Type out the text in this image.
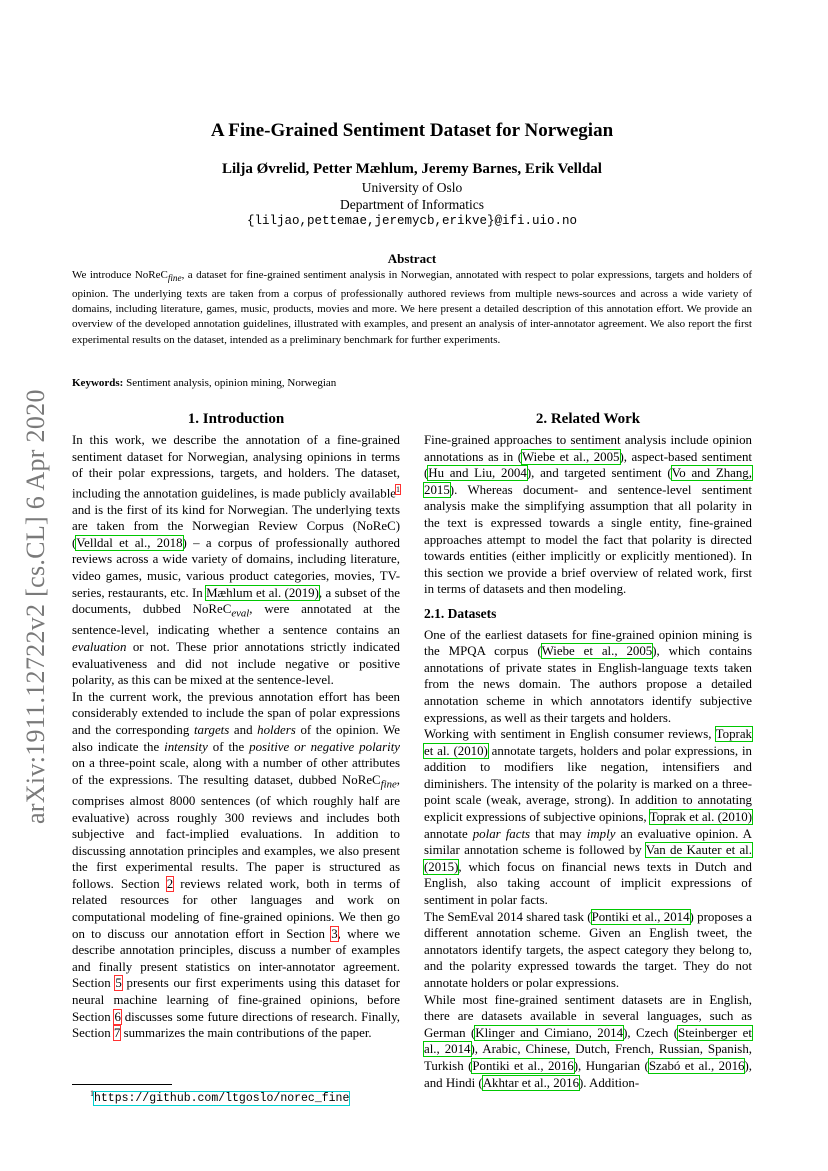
arXiv:1911.12722v2 [cs.CL] 6 Apr 2020
A Fine-Grained Sentiment Dataset for Norwegian
Lilja Øvrelid, Petter Mæhlum, Jeremy Barnes, Erik Velldal
University of Oslo
Department of Informatics
{liljao,pettemae,jeremycb,erikve}@ifi.uio.no
Abstract
We introduce NoReC$_{fine}$, a dataset for fine-grained sentiment analysis in Norwegian, annotated with respect to polar expressions, targets and holders of opinion. The underlying texts are taken from a corpus of professionally authored reviews from multiple news-sources and across a wide variety of domains, including literature, games, music, products, movies and more. We here present a detailed description of this annotation effort. We provide an overview of the developed annotation guidelines, illustrated with examples, and present an analysis of inter-annotator agreement. We also report the first experimental results on the dataset, intended as a preliminary benchmark for further experiments.
Keywords: Sentiment analysis, opinion mining, Norwegian
1. Introduction	2. Related Work

In this work, we describe the annotation of a fine-grained sentiment dataset for Norwegian, analysing opinions in terms of their polar expressions, targets, and holders. The dataset, including the annotation guidelines, is made publicly available$^1$ and is the first of its kind for Norwegian. The underlying texts are taken from the Norwegian Review Corpus (NoReC) (Velldal et al., 2018) – a corpus of professionally authored reviews across a wide variety of domains, including literature, video games, music, various product categories, movies, TV-series, restaurants, etc. In Mæhlum et al. (2019), a subset of the documents, dubbed NoReC$_{eval}$, were annotated at the sentence-level, indicating whether a sentence contains an evaluation or not. These prior annotations strictly indicated evaluativeness and did not include negative or positive polarity, as this can be mixed at the sentence-level.

In the current work, the previous annotation effort has been considerably extended to include the span of polar expressions and the corresponding targets and holders of the opinion. We also indicate the intensity of the positive or negative polarity on a three-point scale, along with a number of other attributes of the expressions. The resulting dataset, dubbed NoReC$_{fine}$, comprises almost 8000 sentences (of which roughly half are evaluative) across roughly 300 reviews and includes both subjective and fact-implied evaluations. In addition to discussing annotation principles and examples, we also present the first experimental results. The paper is structured as follows. Section 2 reviews related work, both in terms of related resources for other languages and work on computational modeling of fine-grained opinions. We then go on to discuss our annotation effort in Section 3, where we describe annotation principles, discuss a number of examples and finally present statistics on inter-annotator agreement. Section 5 presents our first experiments using this dataset for neural machine learning of fine-grained opinions, before Section 6 discusses some future directions of research. Finally, Section 7 summarizes the main contributions of the paper.

Fine-grained approaches to sentiment analysis include opinion annotations as in (Wiebe et al., 2005), aspect-based sentiment (Hu and Liu, 2004), and targeted sentiment (Vo and Zhang, 2015). Whereas document- and sentence-level sentiment analysis make the simplifying assumption that all polarity in the text is expressed towards a single entity, fine-grained approaches attempt to model the fact that polarity is directed towards entities (either implicitly or explicitly mentioned). In this section we provide a brief overview of related work, first in terms of datasets and then modeling.

2.1. Datasets

One of the earliest datasets for fine-grained opinion mining is the MPQA corpus (Wiebe et al., 2005), which contains annotations of private states in English-language texts taken from the news domain. The authors propose a detailed annotation scheme in which annotators identify subjective expressions, as well as their targets and holders.

Working with sentiment in English consumer reviews, Toprak et al. (2010) annotate targets, holders and polar expressions, in addition to modifiers like negation, intensifiers and diminishers. The intensity of the polarity is marked on a three-point scale (weak, average, strong). In addition to annotating explicit expressions of subjective opinions, Toprak et al. (2010) annotate polar facts that may imply an evaluative opinion. A similar annotation scheme is followed by Van de Kauter et al. (2015), which focus on financial news texts in Dutch and English, also taking account of implicit expressions of sentiment in polar facts.

The SemEval 2014 shared task (Pontiki et al., 2014) proposes a different annotation scheme. Given an English tweet, the annotators identify targets, the aspect category they belong to, and the polarity expressed towards the target. They do not annotate holders or polar expressions.

While most fine-grained sentiment datasets are in English, there are datasets available in several languages, such as German (Klinger and Cimiano, 2014), Czech (Steinberger et al., 2014), Arabic, Chinese, Dutch, French, Russian, Spanish, Turkish (Pontiki et al., 2016), Hungarian (Szabó et al., 2016), and Hindi (Akhtar et al., 2016). Addition-

$^1$https://github.com/ltgoslo/norec_fine
